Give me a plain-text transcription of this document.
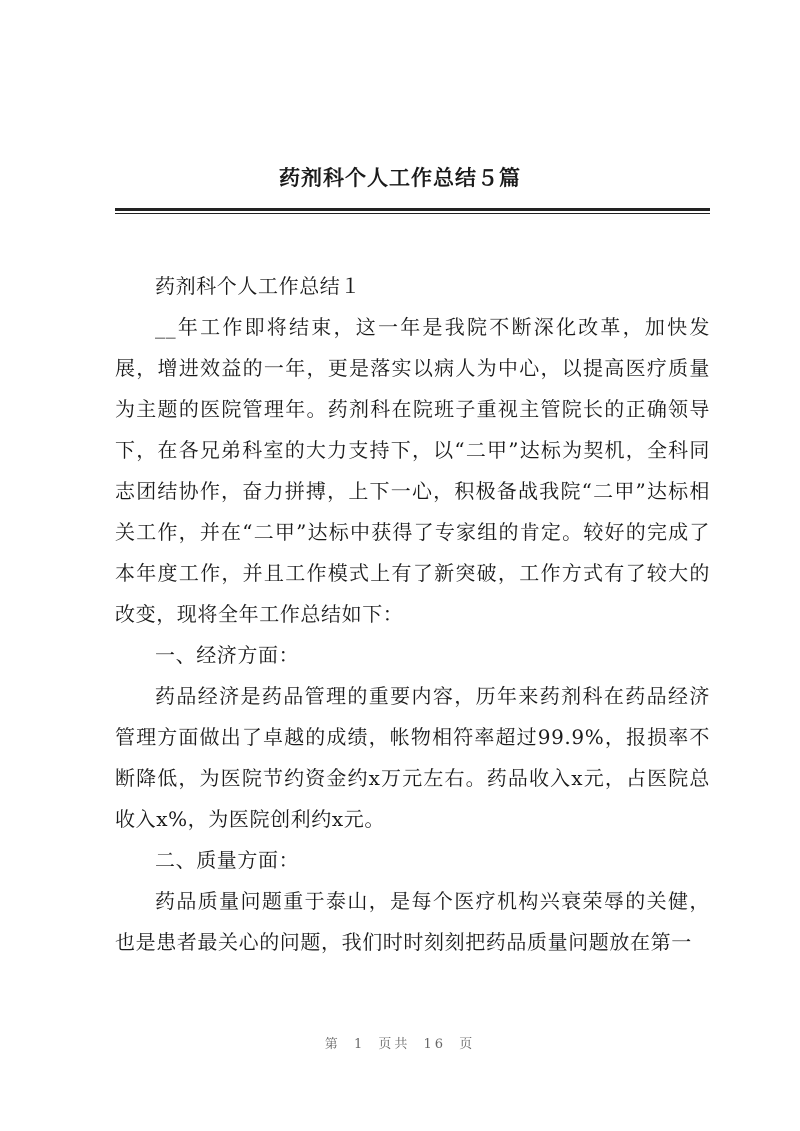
药剂科个人工作总结５篇

药剂科个人工作总结１

__年工作即将结束，这一年是我院不断深化改革，加快发展，增进效益的一年，更是落实以病人为中心，以提高医疗质量为主题的医院管理年。药剂科在院班子重视主管院长的正确领导下，在各兄弟科室的大力支持下，以“二甲”达标为契机，全科同志团结协作，奋力拼搏，上下一心，积极备战我院“二甲”达标相关工作，并在“二甲”达标中获得了专家组的肯定。较好的完成了本年度工作，并且工作模式上有了新突破，工作方式有了较大的改变，现将全年工作总结如下：

一、经济方面：

药品经济是药品管理的重要内容，历年来药剂科在药品经济管理方面做出了卓越的成绩，帐物相符率超过99.9%，报损率不断降低，为医院节约资金约x万元左右。药品收入x元，占医院总收入x%，为医院创利约x元。

二、质量方面：

药品质量问题重于泰山，是每个医疗机构兴衰荣辱的关健，也是患者最关心的问题，我们时时刻刻把药品质量问题放在第一

第 1 页共 16 页
